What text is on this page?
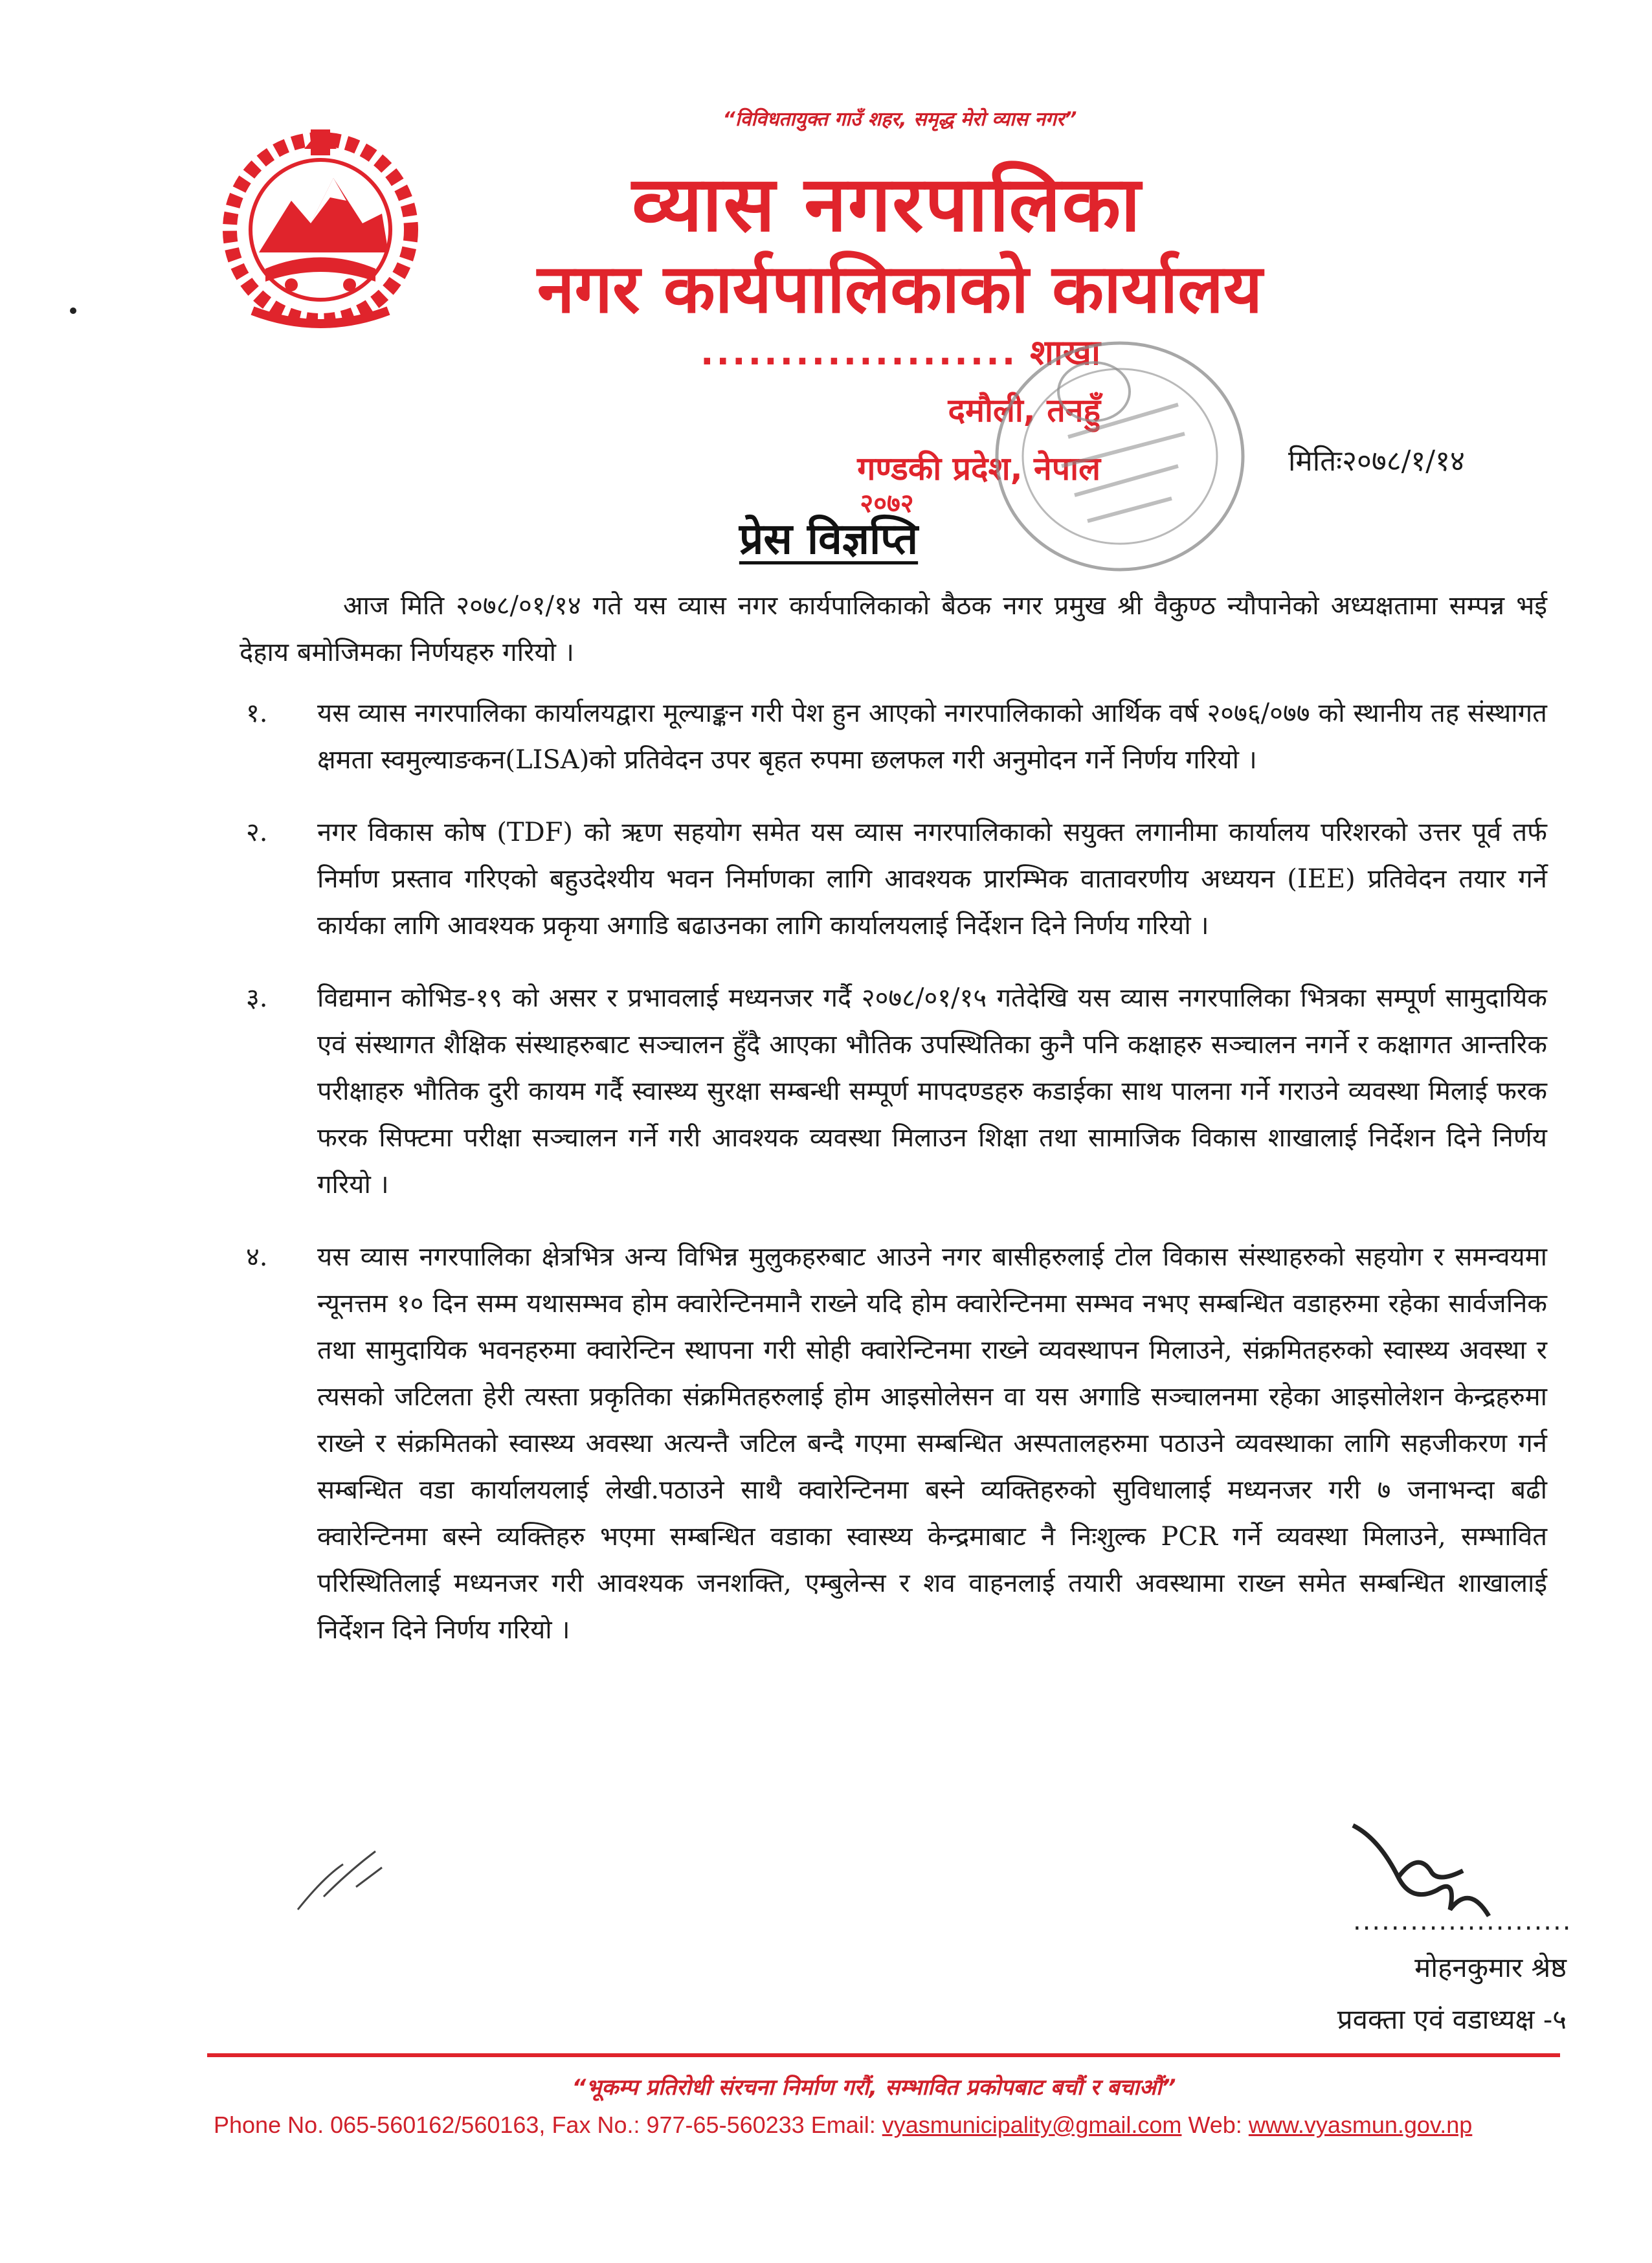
“विविधतायुक्त गाउँ शहर, समृद्ध मेरो व्यास नगर”
व्यास नगरपालिका
नगर कार्यपालिकाको कार्यालय
.................... शाखा
दमौली, तनहुँ
गण्डकी प्रदेश, नेपाल
२०७२
मितिः२०७८/१/१४
प्रेस विज्ञप्ति

आज मिति २०७८/०१/१४ गते यस व्यास नगर कार्यपालिकाको बैठक नगर प्रमुख श्री वैकुण्ठ न्यौपानेको अध्यक्षतामा सम्पन्न भई देहाय बमोजिमका निर्णयहरु गरियो ।

१.	यस व्यास नगरपालिका कार्यालयद्वारा मूल्याङ्कन गरी पेश हुन आएको नगरपालिकाको आर्थिक वर्ष २०७६/०७७ को स्थानीय तह संस्थागत क्षमता स्वमुल्याङकन(LISA)को प्रतिवेदन उपर बृहत रुपमा छलफल गरी अनुमोदन गर्ने निर्णय गरियो ।
२.	नगर विकास कोष (TDF) को ऋण सहयोग समेत यस व्यास नगरपालिकाको सयुक्त लगानीमा कार्यालय परिशरको उत्तर पूर्व तर्फ निर्माण प्रस्ताव गरिएको बहुउदेश्यीय भवन निर्माणका लागि आवश्यक प्रारम्भिक वातावरणीय अध्ययन (IEE) प्रतिवेदन तयार गर्ने कार्यका लागि आवश्यक प्रकृया अगाडि बढाउनका लागि कार्यालयलाई निर्देशन दिने निर्णय गरियो ।
३.	विद्यमान कोभिड-१९ को असर र प्रभावलाई मध्यनजर गर्दै २०७८/०१/१५ गतेदेखि यस व्यास नगरपालिका भित्रका सम्पूर्ण सामुदायिक एवं संस्थागत शैक्षिक संस्थाहरुबाट सञ्चालन हुँदै आएका भौतिक उपस्थितिका कुनै पनि कक्षाहरु सञ्चालन नगर्ने र कक्षागत आन्तरिक परीक्षाहरु भौतिक दुरी कायम गर्दै स्वास्थ्य सुरक्षा सम्बन्धी सम्पूर्ण मापदण्डहरु कडाईका साथ पालना गर्ने गराउने व्यवस्था मिलाई फरक फरक सिफ्टमा परीक्षा सञ्चालन गर्ने गरी आवश्यक व्यवस्था मिलाउन शिक्षा तथा सामाजिक विकास शाखालाई निर्देशन दिने निर्णय गरियो ।
४.	यस व्यास नगरपालिका क्षेत्रभित्र अन्य विभिन्न मुलुकहरुबाट आउने नगर बासीहरुलाई टोल विकास संस्थाहरुको सहयोग र समन्वयमा न्यूनत्तम १० दिन सम्म यथासम्भव होम क्वारेन्टिनमानै राख्ने यदि होम क्वारेन्टिनमा सम्भव नभए सम्बन्धित वडाहरुमा रहेका सार्वजनिक तथा सामुदायिक भवनहरुमा क्वारेन्टिन स्थापना गरी सोही क्वारेन्टिनमा राख्ने व्यवस्थापन मिलाउने, संक्रमितहरुको स्वास्थ्य अवस्था र त्यसको जटिलता हेरी त्यस्ता प्रकृतिका संक्रमितहरुलाई होम आइसोलेसन वा यस अगाडि सञ्चालनमा रहेका आइसोलेशन केन्द्रहरुमा राख्ने र संक्रमितको स्वास्थ्य अवस्था अत्यन्तै जटिल बन्दै गएमा सम्बन्धित अस्पतालहरुमा पठाउने व्यवस्थाका लागि सहजीकरण गर्न सम्बन्धित वडा कार्यालयलाई लेखी.पठाउने साथै क्वारेन्टिनमा बस्ने व्यक्तिहरुको सुविधालाई मध्यनजर गरी ७ जनाभन्दा बढी क्वारेन्टिनमा बस्ने व्यक्तिहरु भएमा सम्बन्धित वडाका स्वास्थ्य केन्द्रमाबाट नै निःशुल्क PCR गर्ने व्यवस्था मिलाउने, सम्भावित परिस्थितिलाई मध्यनजर गरी आवश्यक जनशक्ति, एम्बुलेन्स र शव वाहनलाई तयारी अवस्थामा राख्न समेत सम्बन्धित शाखालाई निर्देशन दिने निर्णय गरियो ।
.......................
मोहनकुमार श्रेष्ठ
प्रवक्ता एवं वडाध्यक्ष -५
“भूकम्प प्रतिरोधी संरचना निर्माण गरौं, सम्भावित प्रकोपबाट बचौं र बचाऔं”
Phone No. 065-560162/560163, Fax No.: 977-65-560233 Email: vyasmunicipality@gmail.com Web: www.vyasmun.gov.np
